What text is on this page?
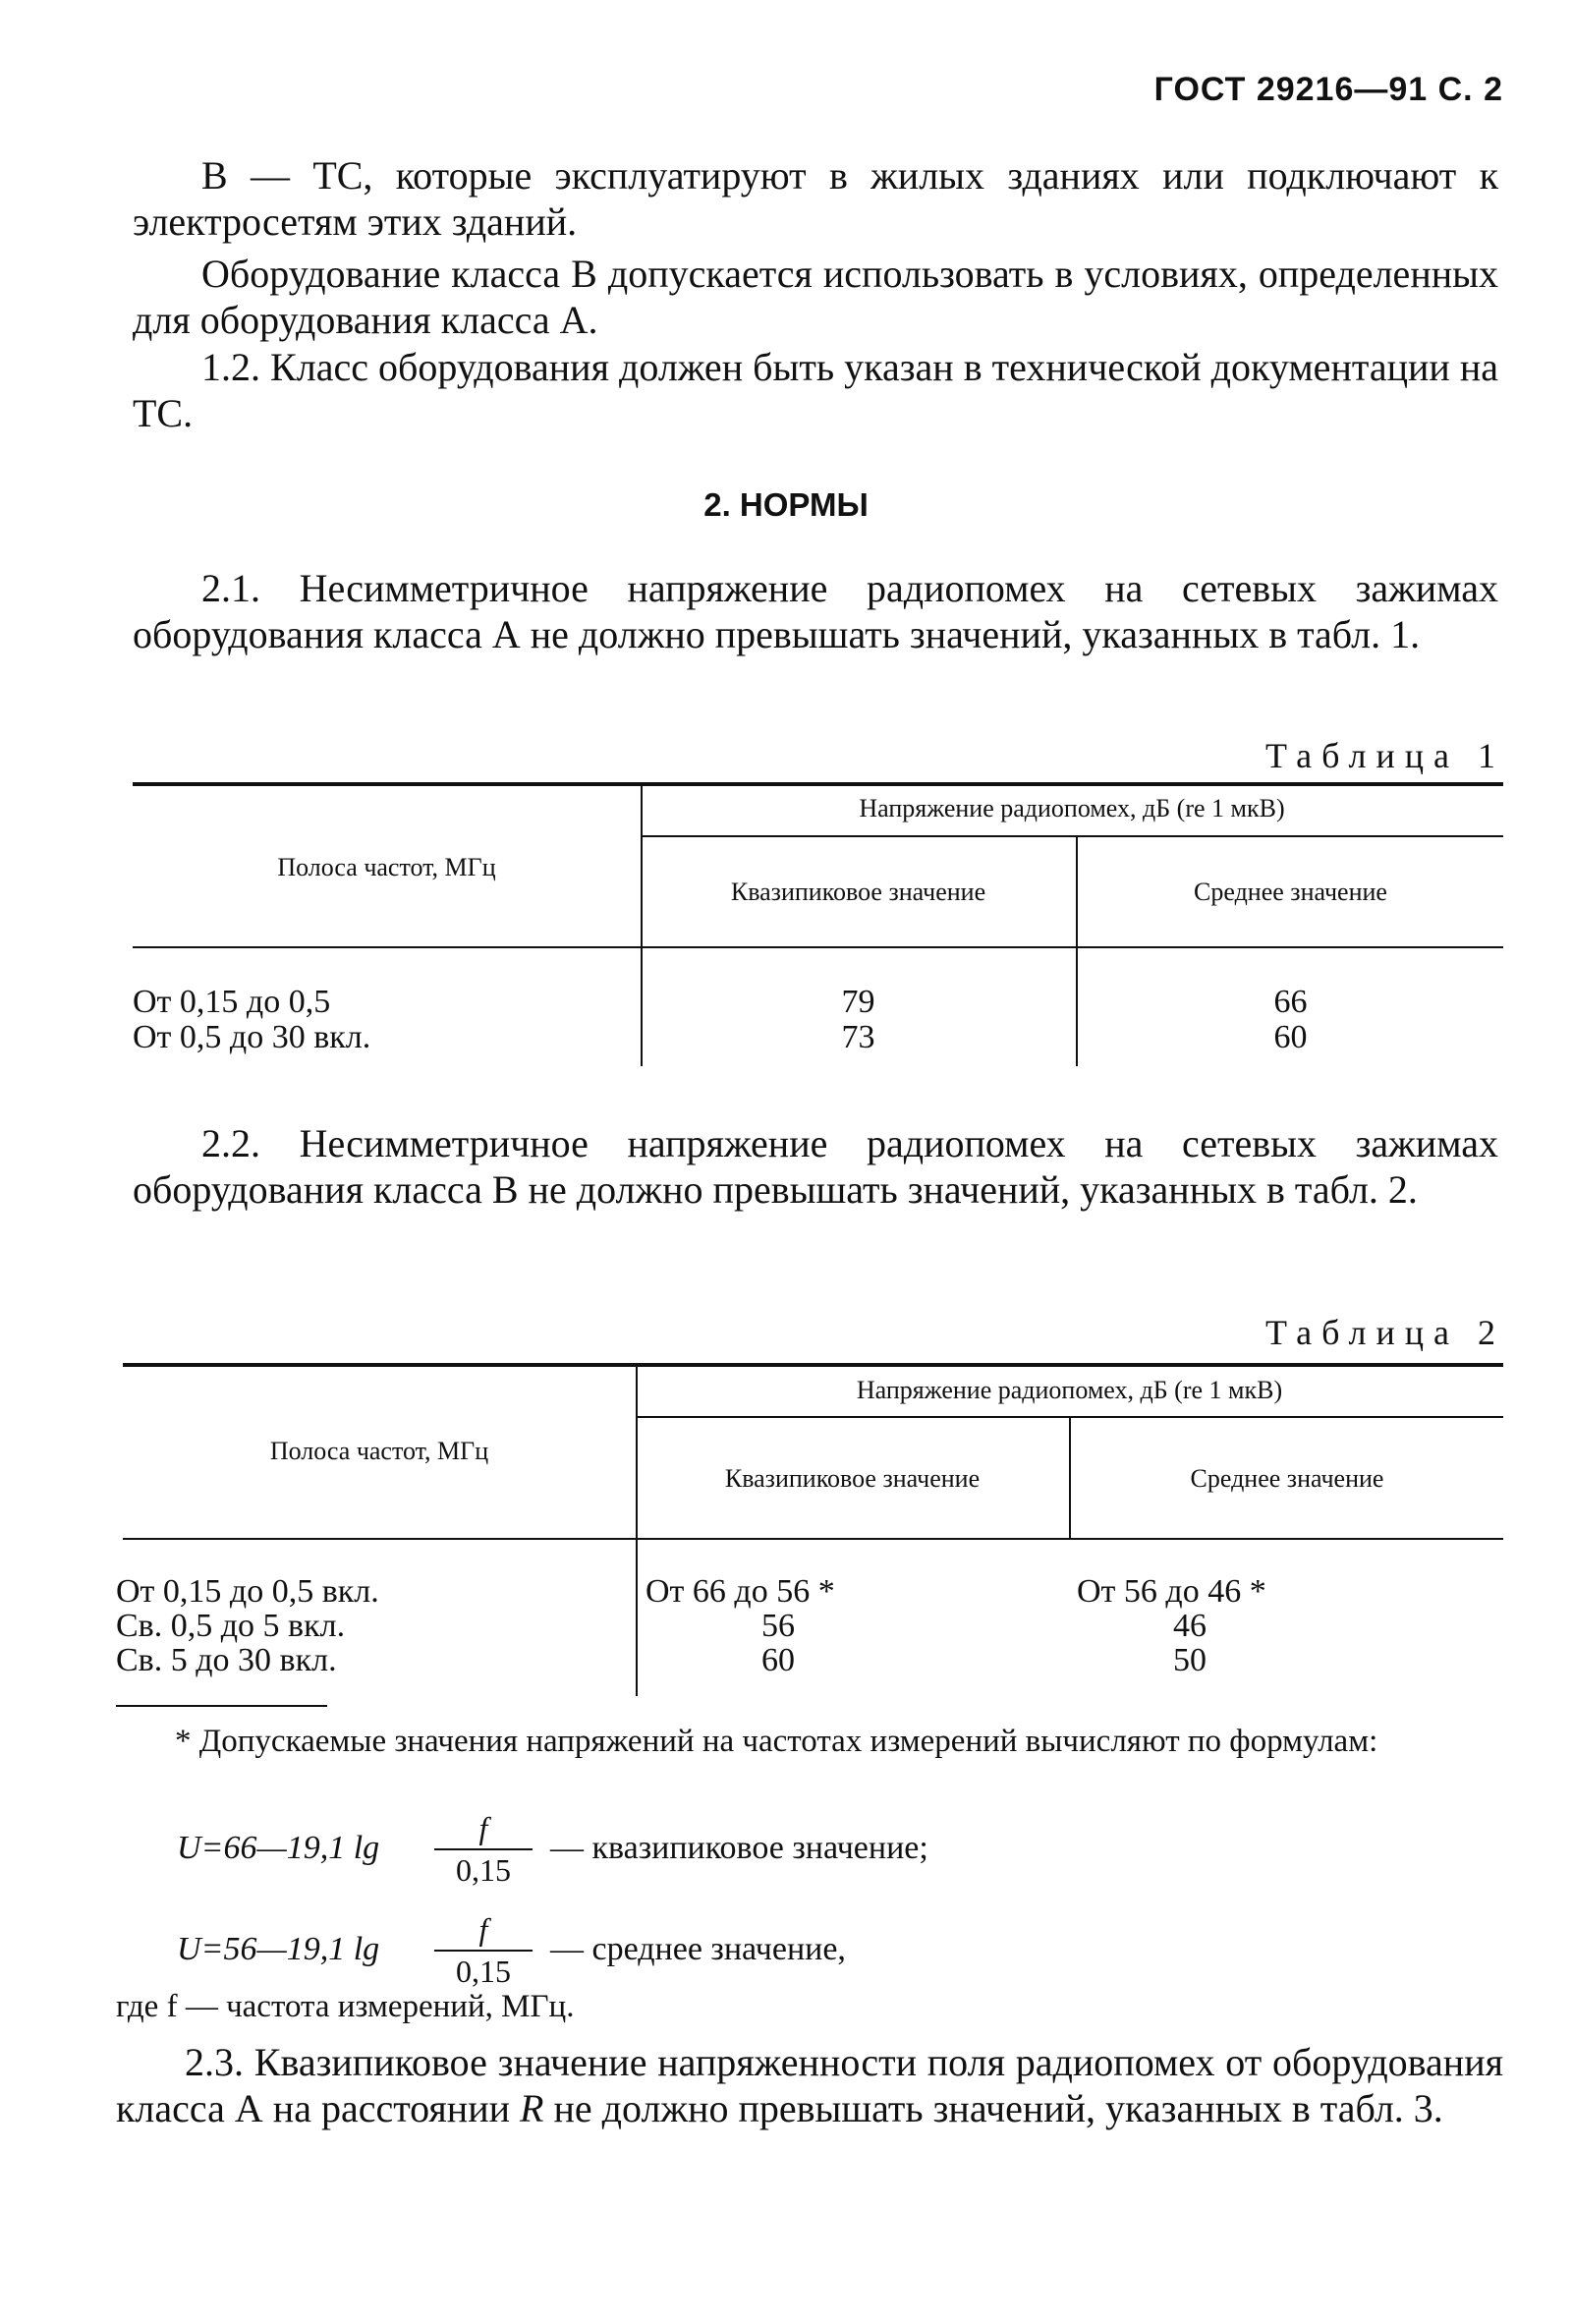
ГОСТ 29216—91 С. 2

В — ТС, которые эксплуатируют в жилых зданиях или подключают к электросетям этих зданий.

Оборудование класса В допускается использовать в условиях, определенных для оборудования класса А.

1.2. Класс оборудования должен быть указан в технической документации на ТС.

2. НОРМЫ

2.1. Несимметричное напряжение радиопомех на сетевых зажимах оборудования класса А не должно превышать значений, указанных в табл. 1.

Таблица 1
Полоса частот, МГц
Напряжение радиопомех, дБ (re 1 мкВ)
Квазипиковое значение	Среднее значение
От 0,15 до 0,5	79	66
От 0,5 до 30 вкл.	73	60

2.2. Несимметричное напряжение радиопомех на сетевых зажимах оборудования класса В не должно превышать значений, указанных в табл. 2.

Таблица 2
Полоса частот, МГц
Напряжение радиопомех, дБ (re 1 мкВ)
Квазипиковое значение	Среднее значение
От 0,15 до 0,5 вкл.	От 66 до 56 *	От 56 до 46 *
Св. 0,5 до 5 вкл.	56	46
Св. 5 до 30 вкл.	60	50
* Допускаемые значения напряжений на частотах измерений вычисляют по формулам:
U=66—19,1 lg
f
0,15
— квазипиковое значение;
U=56—19,1 lg
f
0,15
— среднее значение,
где f — частота измерений, МГц.

2.3. Квазипиковое значение напряженности поля радиопомех от оборудования класса А на расстоянии R не должно превышать значений, указанных в табл. 3.
